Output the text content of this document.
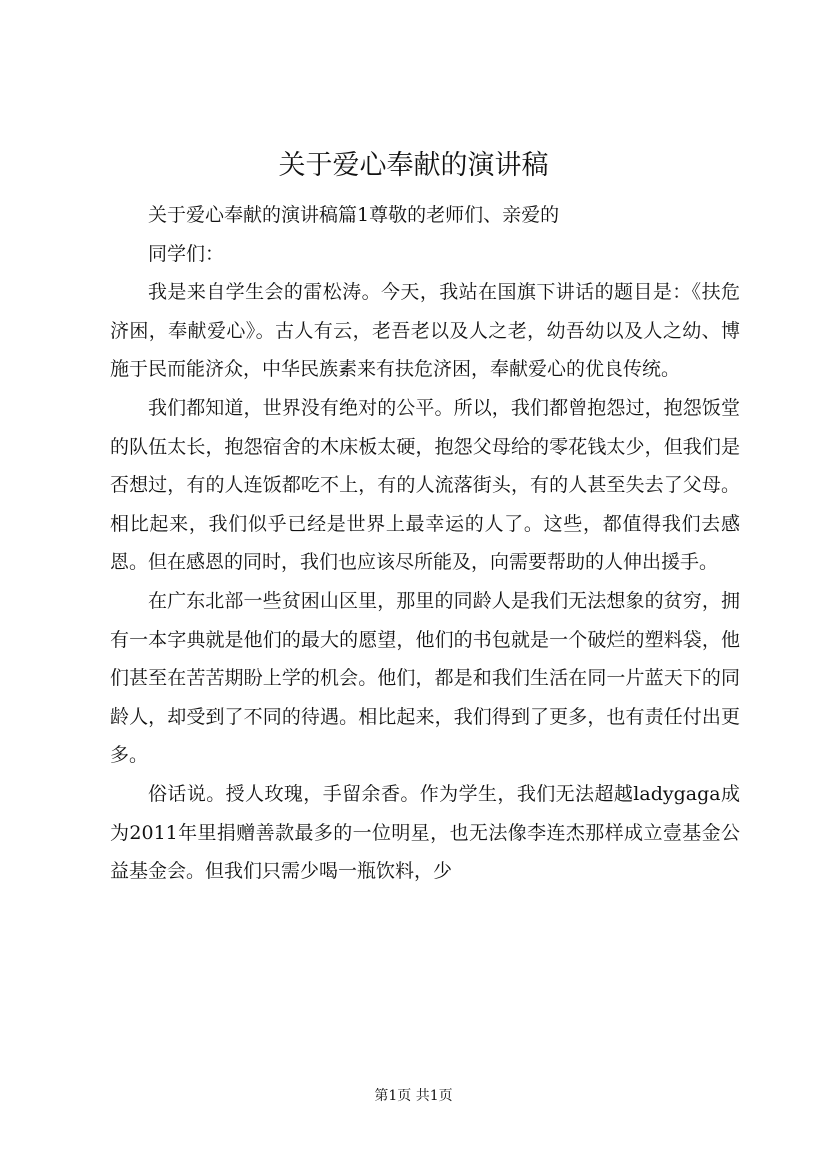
关于爱心奉献的演讲稿

关于爱心奉献的演讲稿篇1尊敬的老师们、亲爱的

同学们：

我是来自学生会的雷松涛。今天，我站在国旗下讲话的题目是：《扶危济困，奉献爱心》。古人有云，老吾老以及人之老，幼吾幼以及人之幼、博施于民而能济众，中华民族素来有扶危济困，奉献爱心的优良传统。

我们都知道，世界没有绝对的公平。所以，我们都曾抱怨过，抱怨饭堂的队伍太长，抱怨宿舍的木床板太硬，抱怨父母给的零花钱太少，但我们是否想过，有的人连饭都吃不上，有的人流落街头，有的人甚至失去了父母。相比起来，我们似乎已经是世界上最幸运的人了。这些，都值得我们去感恩。但在感恩的同时，我们也应该尽所能及，向需要帮助的人伸出援手。

在广东北部一些贫困山区里，那里的同龄人是我们无法想象的贫穷，拥有一本字典就是他们的最大的愿望，他们的书包就是一个破烂的塑料袋，他们甚至在苦苦期盼上学的机会。他们，都是和我们生活在同一片蓝天下的同龄人，却受到了不同的待遇。相比起来，我们得到了更多，也有责任付出更多。

俗话说。授人玫瑰，手留余香。作为学生，我们无法超越ladygaga成为2011年里捐赠善款最多的一位明星，也无法像李连杰那样成立壹基金公益基金会。但我们只需少喝一瓶饮料，少

第1页 共1页
